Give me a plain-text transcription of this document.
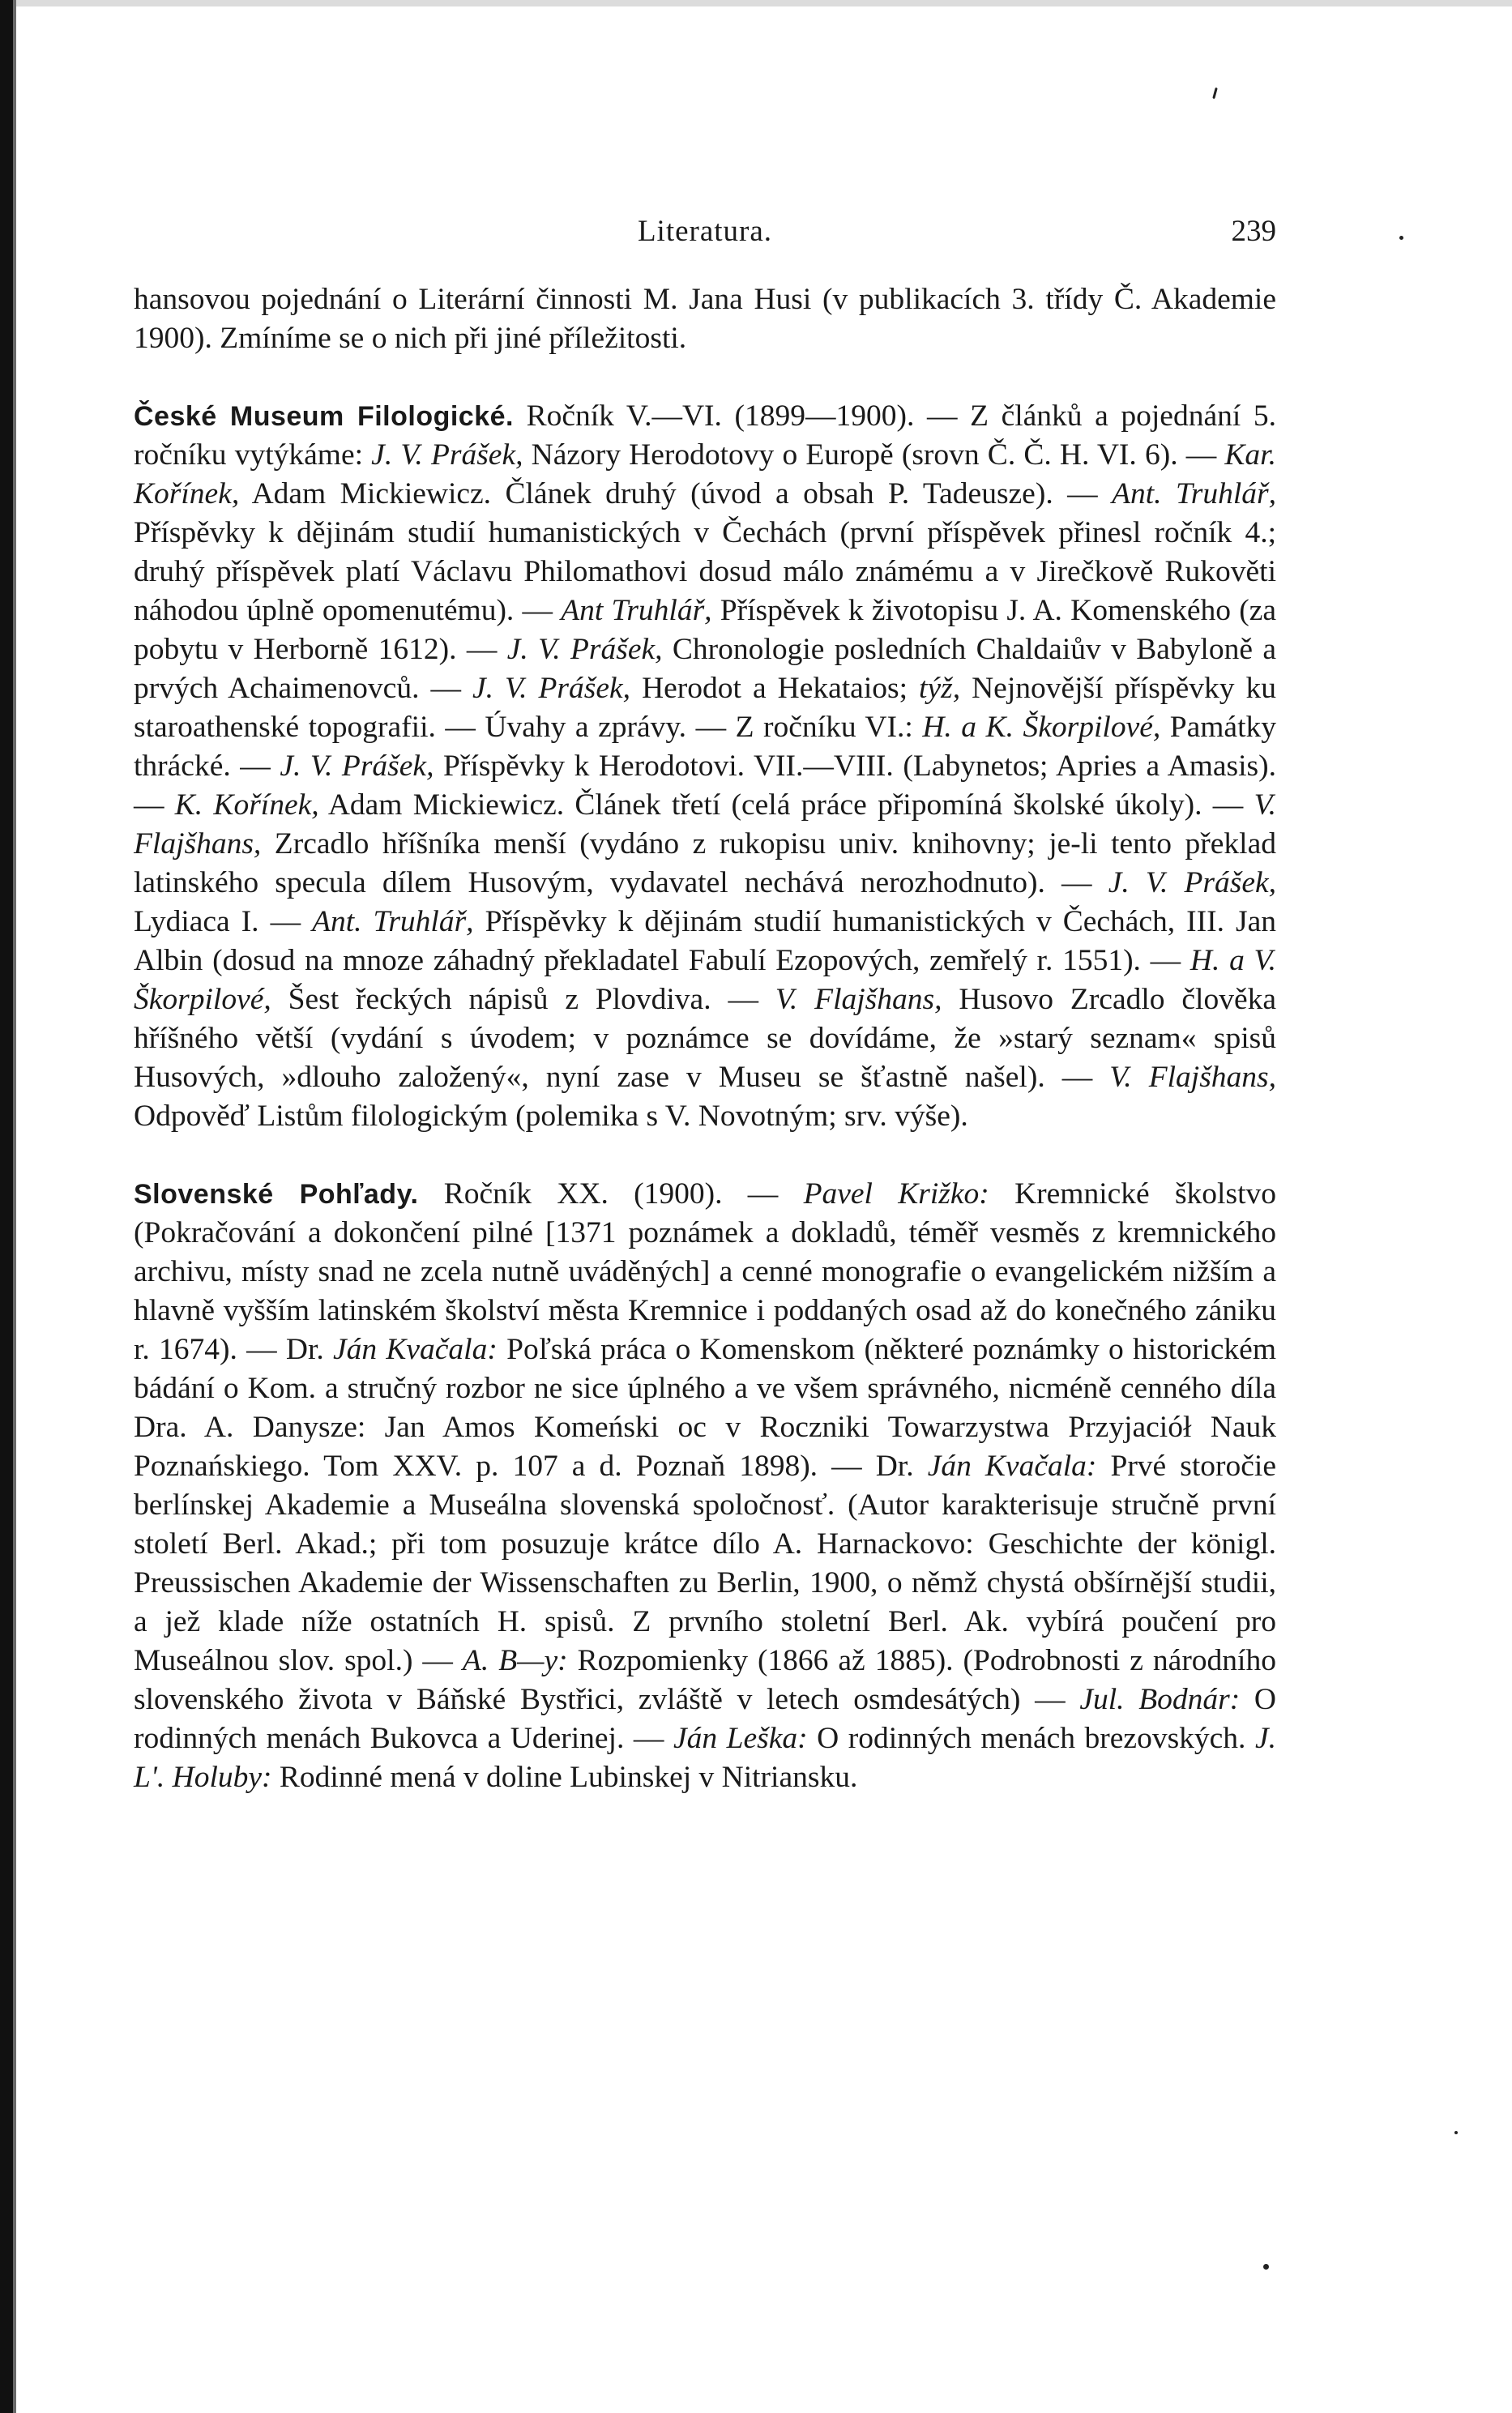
Literatura.	239

hansovou pojednání o Literární činnosti M. Jana Husi (v publikacích 3. třídy Č. Akademie 1900). Zmíníme se o nich při jiné příležitosti.

České Museum Filologické. Ročník V.—VI. (1899—1900). — Z článků a pojednání 5. ročníku vytýkáme: J. V. Prášek, Názory Herodotovy o Europě (srovn Č. Č. H. VI. 6). — Kar. Kořínek, Adam Mickiewicz. Článek druhý (úvod a obsah P. Tadeusze). — Ant. Truhlář, Příspěvky k dějinám studií humanistických v Čechách (první příspěvek přinesl ročník 4.; druhý příspěvek platí Václavu Philomathovi dosud málo známému a v Jirečkově Rukověti náhodou úplně opomenutému). — Ant Truhlář, Příspěvek k životopisu J. A. Komenského (za pobytu v Herborně 1612). — J. V. Prášek, Chronologie posledních Chaldaiův v Babyloně a prvých Achaimenovců. — J. V. Prášek, Herodot a Hekataios; týž, Nejnovější příspěvky ku staroathenské topografii. — Úvahy a zprávy. — Z ročníku VI.: H. a K. Škorpilové, Památky thrácké. — J. V. Prášek, Příspěvky k Herodotovi. VII.—VIII. (Labynetos; Apries a Amasis). — K. Kořínek, Adam Mickiewicz. Článek třetí (celá práce připomíná školské úkoly). — V. Flajšhans, Zrcadlo hříšníka menší (vydáno z rukopisu univ. knihovny; je-li tento překlad latinského specula dílem Husovým, vydavatel nechává nerozhodnuto). — J. V. Prášek, Lydiaca I. — Ant. Truhlář, Příspěvky k dějinám studií humanistických v Čechách, III. Jan Albin (dosud na mnoze záhadný překladatel Fabulí Ezopových, zemřelý r. 1551). — H. a V. Škorpilové, Šest řeckých nápisů z Plovdiva. — V. Flajšhans, Husovo Zrcadlo člověka hříšného větší (vydání s úvodem; v poznámce se dovídáme, že »starý seznam« spisů Husových, »dlouho založený«, nyní zase v Museu se šťastně našel). — V. Flajšhans, Odpověď Listům filologickým (polemika s V. Novotným; srv. výše).

Slovenské Pohľady. Ročník XX. (1900). — Pavel Križko: Kremnické školstvo (Pokračování a dokončení pilné [1371 poznámek a dokladů, téměř vesměs z kremnického archivu, místy snad ne zcela nutně uváděných] a cenné monografie o evangelickém nižším a hlavně vyšším latinském školství města Kremnice i poddaných osad až do konečného zániku r. 1674). — Dr. Ján Kvačala: Poľská práca o Komenskom (některé poznámky o historickém bádání o Kom. a stručný rozbor ne sice úplného a ve všem správného, nicméně cenného díla Dra. A. Danysze: Jan Amos Komeński oc v Roczniki Towarzystwa Przyjaciół Nauk Poznańskiego. Tom XXV. p. 107 a d. Poznaň 1898). — Dr. Ján Kvačala: Prvé storočie berlínskej Akademie a Museálna slovenská spoločnosť. (Autor karakterisuje stručně první století Berl. Akad.; při tom posuzuje krátce dílo A. Harnackovo: Geschichte der königl. Preussischen Akademie der Wissenschaften zu Berlin, 1900, o němž chystá obšírnější studii, a jež klade níže ostatních H. spisů. Z prvního stoletní Berl. Ak. vybírá poučení pro Museálnou slov. spol.) — A. B—y: Rozpomienky (1866 až 1885). (Podrobnosti z národního slovenského života v Báňské Bystřici, zvláště v letech osmdesátých) — Jul. Bodnár: O rodinných menách Bukovca a Uderinej. — Ján Leška: O rodinných menách brezovských. J. L'. Holuby: Rodinné mená v doline Lubinskej v Nitriansku.
